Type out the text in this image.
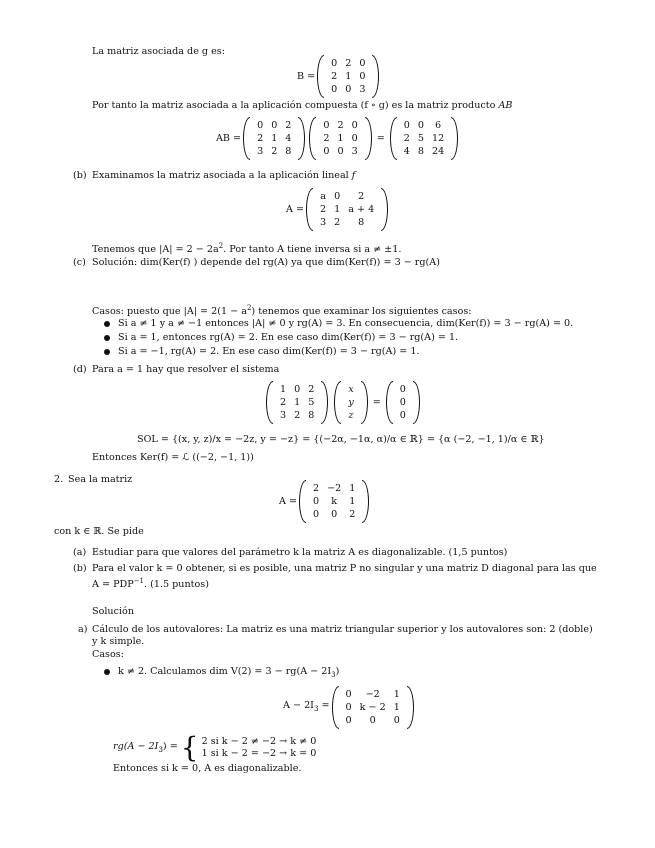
La matriz asociada de g es:
B =
0 2 0
2 1 0
0 0 3
Por tanto la matriz asociada a la aplicación compuesta (f ∘ g) es la matriz producto AB
AB =
0 0 2
2 1 4
3 2 8
0 2 0
2 1 0
0 0 3
=
0 0	6
2 5 12
4 8 24
(b) Examinamos la matriz asociada a la aplicación lineal f
A =
a 0	2
2 1 a + 4
3 2	8
Tenemos que $|A| = 2 - 2a^2$. Por tanto A tiene inversa si a ≠ ±1.
(c) Solución: dim(Ker(f) ) depende del rg(A) ya que dim(Ker(f)) = 3 − rg(A)
Casos: puesto que $|A| = 2(1 - a^2)$ tenemos que examinar los siguientes casos:
Si a ≠ 1 y a ≠ −1 entonces |A| ≠ 0 y rg(A) = 3. En consecuencia, dim(Ker(f)) = 3 − rg(A) = 0.
Si a = 1, entonces rg(A) = 2. En ese caso dim(Ker(f)) = 3 − rg(A) = 1.
Si a = −1, rg(A) = 2. En ese caso dim(Ker(f)) = 3 − rg(A) = 1.
(d) Para a = 1 hay que resolver el sistema
1 0 2
2 1 5
3 2 8
x
y
z
=
0
0
0
SOL = {(x, y, z)/x = −2z, y = −z} = {(−2α, −1α, α)/α ∈ ℝ} = {α (−2, −1, 1)/α ∈ ℝ}
Entonces Ker(f) = ℒ ((−2, −1, 1))
2. Sea la matriz
A =
2 −2 1
0	k	1
0	0	2
con k ∈ ℝ. Se pide
(a) Estudiar para que valores del parámetro k la matriz A es diagonalizable. (1,5 puntos)
(b) Para el valor k = 0 obtener, si es posible, una matriz P no singular y una matriz D diagonal para las que
$A = PDP^{-1}$. (1.5 puntos)
Solución
a) Cálculo de los autovalores: La matriz es una matriz triangular superior y los autovalores son: 2 (doble)
y k simple.
Casos:
k ≠ 2. Calculamos dim $V(2) = 3 - rg(A - 2I_3)$
$A - 2I_3$ =
0	−2	1
0 k − 2 1
0	0	0
$rg(A - 2I_3)$ = { 2 si k − 2 ≠ −2 → k ≠ 0
1 si k − 2 = −2 → k = 0
Entonces si k = 0, A es diagonalizable.
